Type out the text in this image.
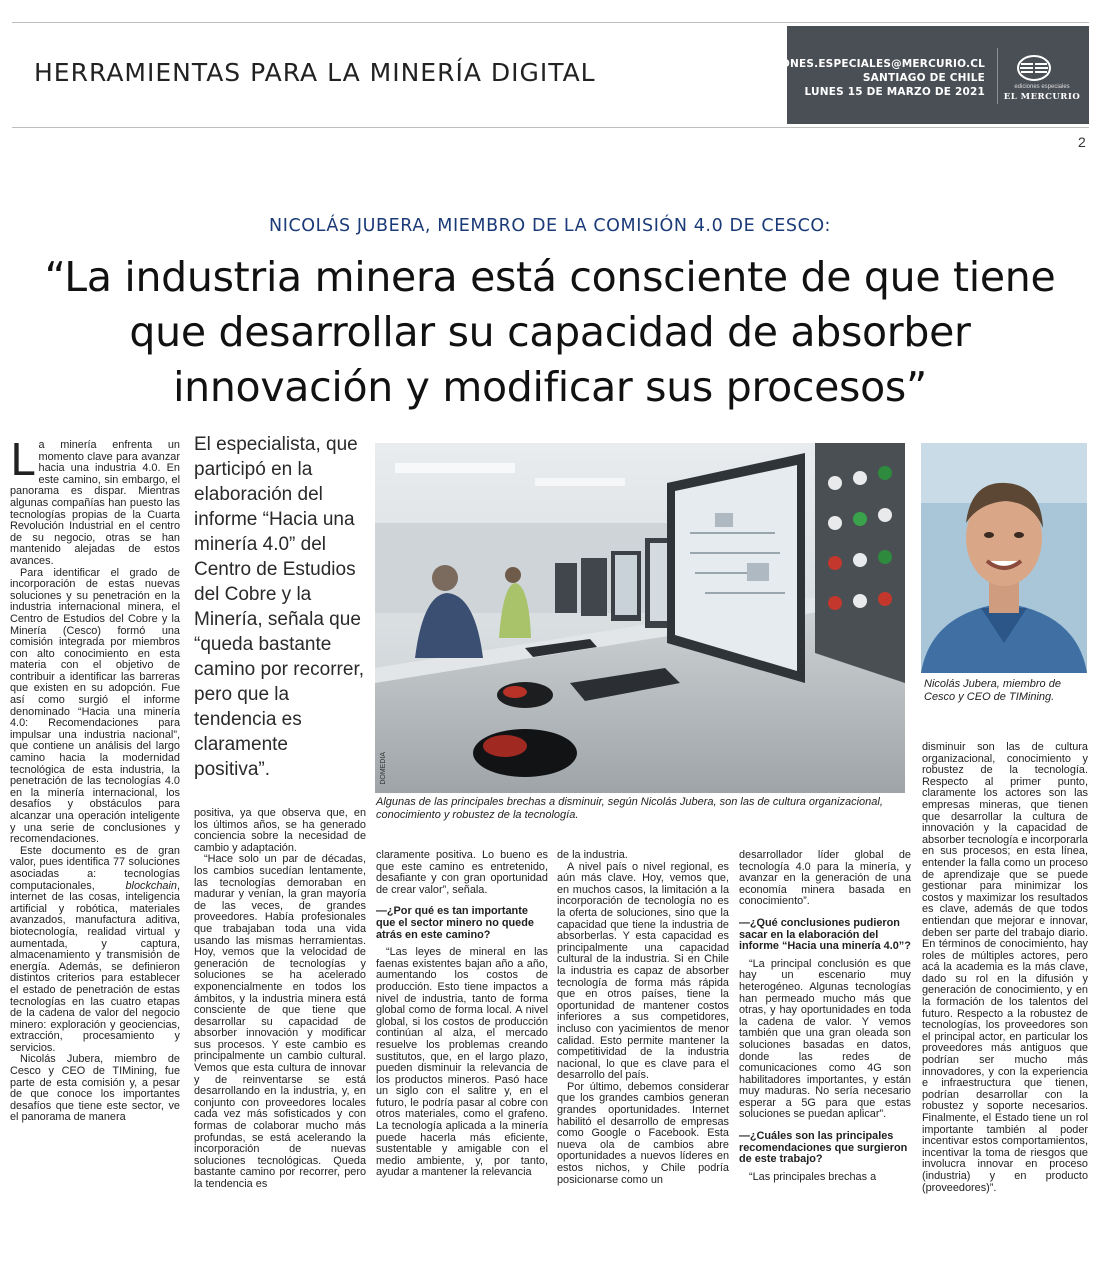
HERRAMIENTAS PARA LA MINERÍA DIGITAL	EDICIONES.ESPECIALES@MERCURIO.CL
SANTIAGO DE CHILE
LUNES 15 DE MARZO DE 2021	ediciones especiales
EL MERCURIO
2
NICOLÁS JUBERA, MIEMBRO DE LA COMISIÓN 4.0 DE CESCO:
“La industria minera está consciente de que tiene que desarrollar su capacidad de absorber innovación y modificar sus procesos”

La minería enfrenta un momento clave para avanzar hacia una industria 4.0. En este camino, sin embargo, el panorama es dispar. Mientras algunas compañías han puesto las tecnologías propias de la Cuarta Revolución Industrial en el centro de su negocio, otras se han mantenido alejadas de estos avances.

Para identificar el grado de incorporación de estas nuevas soluciones y su penetración en la industria internacional minera, el Centro de Estudios del Cobre y la Minería (Cesco) formó una comisión integrada por miembros con alto conocimiento en esta materia con el objetivo de contribuir a identificar las barreras que existen en su adopción. Fue así como surgió el informe denominado “Hacia una minería 4.0: Recomendaciones para impulsar una industria nacional”, que contiene un análisis del largo camino hacia la modernidad tecnológica de esta industria, la penetración de las tecnologías 4.0 en la minería internacional, los desafíos y obstáculos para alcanzar una operación inteligente y una serie de conclusiones y recomendaciones.

Este documento es de gran valor, pues identifica 77 soluciones asociadas a: tecnologías computacionales, blockchain, internet de las cosas, inteligencia artificial y robótica, materiales avanzados, manufactura aditiva, biotecnología, realidad virtual y aumentada, y captura, almacenamiento y transmisión de energía. Además, se definieron distintos criterios para establecer el estado de penetración de estas tecnologías en las cuatro etapas de la cadena de valor del negocio minero: exploración y geociencias, extracción, procesamiento y servicios.

Nicolás Jubera, miembro de Cesco y CEO de TIMining, fue parte de esta comisión y, a pesar de que conoce los importantes desafíos que tiene este sector, ve el panorama de manera

El especialista, que participó en la elaboración del informe “Hacia una minería 4.0” del Centro de Estudios del Cobre y la Minería, señala que “queda bastante camino por recorrer, pero que la tendencia es claramente positiva”.	DOMEDIA
Algunas de las principales brechas a disminuir, según Nicolás Jubera, son las de cultura organizacional, conocimiento y robustez de la tecnología.
Nicolás Jubera, miembro de Cesco y CEO de TIMining.

positiva, ya que observa que, en los últimos años, se ha generado conciencia sobre la necesidad de cambio y adaptación.

“Hace solo un par de décadas, los cambios sucedían lentamente, las tecnologías demoraban en madurar y venían, la gran mayoría de las veces, de grandes proveedores. Había profesionales que trabajaban toda una vida usando las mismas herramientas. Hoy, vemos que la velocidad de generación de tecnologías y soluciones se ha acelerado exponencialmente en todos los ámbitos, y la industria minera está consciente de que tiene que desarrollar su capacidad de absorber innovación y modificar sus procesos. Y este cambio es principalmente un cambio cultural. Vemos que esta cultura de innovar y de reinventarse se está desarrollando en la industria, y, en conjunto con proveedores locales cada vez más sofisticados y con formas de colaborar mucho más profundas, se está acelerando la incorporación de nuevas soluciones tecnológicas. Queda bastante camino por recorrer, pero la tendencia es

claramente positiva. Lo bueno es que este camino es entretenido, desafiante y con gran oportunidad de crear valor”, señala.

—¿Por qué es tan importante que el sector minero no quede atrás en este camino?

“Las leyes de mineral en las faenas existentes bajan año a año, aumentando los costos de producción. Esto tiene impactos a nivel de industria, tanto de forma global como de forma local. A nivel global, si los costos de producción continúan al alza, el mercado resuelve los problemas creando sustitutos, que, en el largo plazo, pueden disminuir la relevancia de los productos mineros. Pasó hace un siglo con el salitre y, en el futuro, le podría pasar al cobre con otros materiales, como el grafeno. La tecnología aplicada a la minería puede hacerla más eficiente, sustentable y amigable con el medio ambiente, y, por tanto, ayudar a mantener la relevancia

de la industria.

A nivel país o nivel regional, es aún más clave. Hoy, vemos que, en muchos casos, la limitación a la incorporación de tecnología no es la oferta de soluciones, sino que la capacidad que tiene la industria de absorberlas. Y esta capacidad es principalmente una capacidad cultural de la industria. Si en Chile la industria es capaz de absorber tecnología de forma más rápida que en otros países, tiene la oportunidad de mantener costos inferiores a sus competidores, incluso con yacimientos de menor calidad. Esto permite mantener la competitividad de la industria nacional, lo que es clave para el desarrollo del país.

Por último, debemos considerar que los grandes cambios generan grandes oportunidades. Internet habilitó el desarrollo de empresas como Google o Facebook. Esta nueva ola de cambios abre oportunidades a nuevos líderes en estos nichos, y Chile podría posicionarse como un

desarrollador líder global de tecnología 4.0 para la minería, y avanzar en la generación de una economía minera basada en conocimiento”.

—¿Qué conclusiones pudieron sacar en la elaboración del informe “Hacia una minería 4.0”?

“La principal conclusión es que hay un escenario muy heterogéneo. Algunas tecnologías han permeado mucho más que otras, y hay oportunidades en toda la cadena de valor. Y vemos también que una gran oleada son soluciones basadas en datos, donde las redes de comunicaciones como 4G son habilitadores importantes, y están muy maduras. No sería necesario esperar a 5G para que estas soluciones se puedan aplicar”.

—¿Cuáles son las principales recomendaciones que surgieron de este trabajo?

“Las principales brechas a

disminuir son las de cultura organizacional, conocimiento y robustez de la tecnología. Respecto al primer punto, claramente los actores son las empresas mineras, que tienen que desarrollar la cultura de innovación y la capacidad de absorber tecnología e incorporarla en sus procesos; en esta línea, entender la falla como un proceso de aprendizaje que se puede gestionar para minimizar los costos y maximizar los resultados es clave, además de que todos entiendan que mejorar e innovar, deben ser parte del trabajo diario. En términos de conocimiento, hay roles de múltiples actores, pero acá la academia es la más clave, dado su rol en la difusión y generación de conocimiento, y en la formación de los talentos del futuro. Respecto a la robustez de tecnologías, los proveedores son el principal actor, en particular los proveedores más antiguos que podrían ser mucho más innovadores, y con la experiencia e infraestructura que tienen, podrían desarrollar con la robustez y soporte necesarios. Finalmente, el Estado tiene un rol importante también al poder incentivar estos comportamientos, incentivar la toma de riesgos que involucra innovar en proceso (industria) y en producto (proveedores)”.
